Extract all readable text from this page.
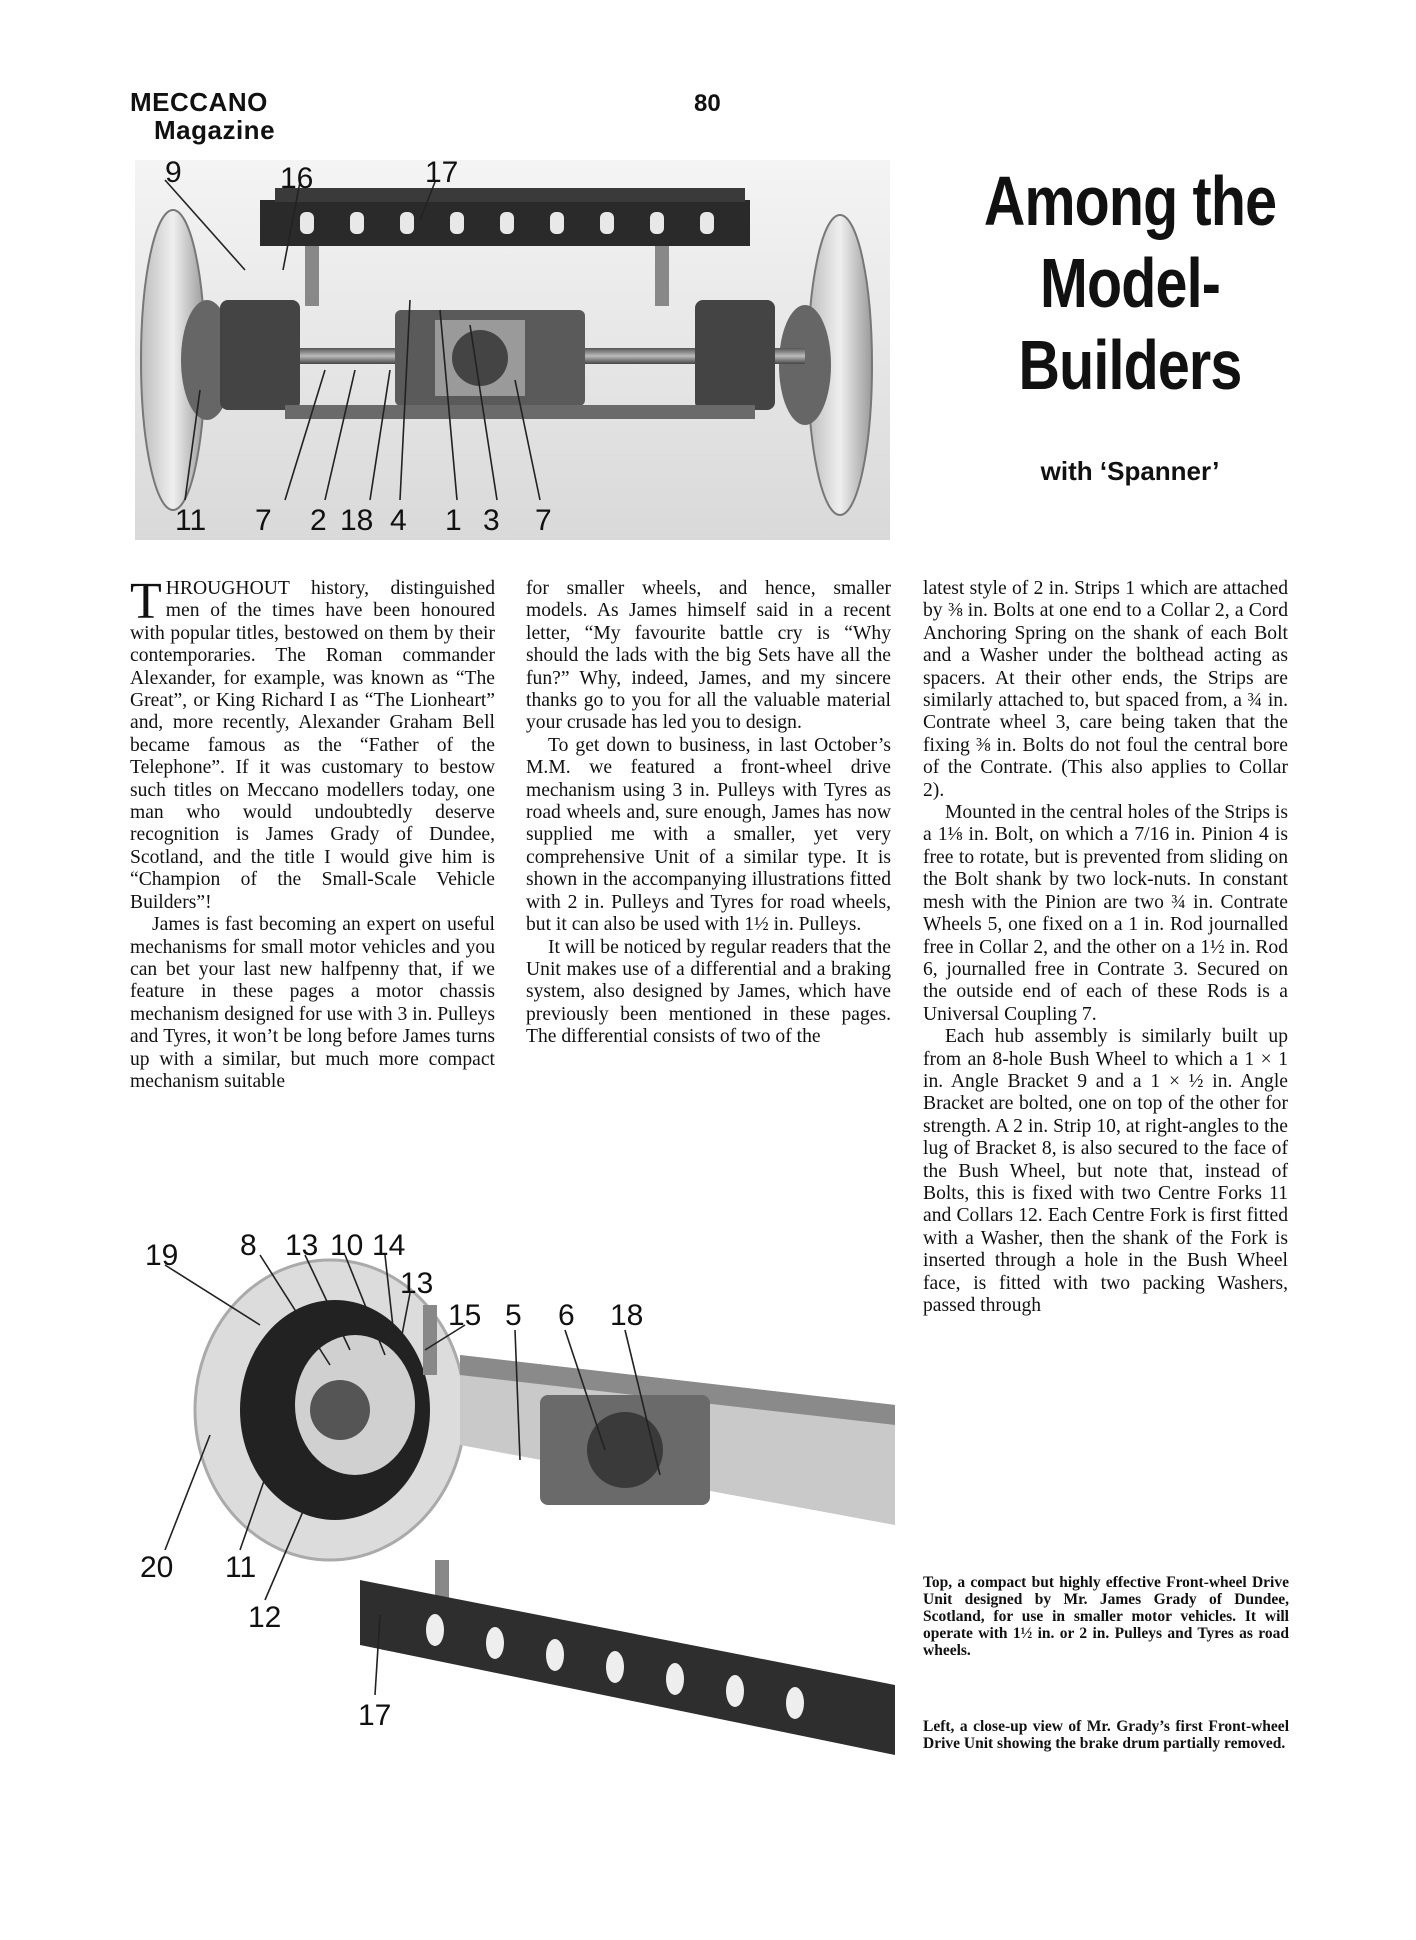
MECCANO
Magazine
80
Among the
Model-
Builders
with ‘Spanner’
9	16	17
11 7 2 18 4 1 3 7

THROUGHOUT history, distinguished men of the times have been honoured with popular titles, bestowed on them by their contemporaries. The Roman commander Alexander, for example, was known as “The Great”, or King Richard I as “The Lionheart” and, more recently, Alexander Graham Bell became famous as the “Father of the Telephone”. If it was customary to bestow such titles on Meccano modellers today, one man who would undoubtedly deserve recognition is James Grady of Dundee, Scotland, and the title I would give him is “Champion of the Small-Scale Vehicle Builders”!

James is fast becoming an expert on useful mechanisms for small motor vehicles and you can bet your last new halfpenny that, if we feature in these pages a motor chassis mechanism designed for use with 3 in. Pulleys and Tyres, it won’t be long before James turns up with a similar, but much more compact mechanism suitable

for smaller wheels, and hence, smaller models. As James himself said in a recent letter, “My favourite battle cry is “Why should the lads with the big Sets have all the fun?” Why, indeed, James, and my sincere thanks go to you for all the valuable material your crusade has led you to design.

To get down to business, in last October’s M.M. we featured a front-wheel drive mechanism using 3 in. Pulleys with Tyres as road wheels and, sure enough, James has now supplied me with a smaller, yet very comprehensive Unit of a similar type. It is shown in the accompanying illustrations fitted with 2 in. Pulleys and Tyres for road wheels, but it can also be used with 1½ in. Pulleys.

It will be noticed by regular readers that the Unit makes use of a differential and a braking system, also designed by James, which have previously been mentioned in these pages. The differential consists of two of the

latest style of 2 in. Strips 1 which are attached by ⅜ in. Bolts at one end to a Collar 2, a Cord Anchoring Spring on the shank of each Bolt and a Washer under the bolthead acting as spacers. At their other ends, the Strips are similarly attached to, but spaced from, a ¾ in. Contrate wheel 3, care being taken that the fixing ⅜ in. Bolts do not foul the central bore of the Contrate. (This also applies to Collar 2).

Mounted in the central holes of the Strips is a 1⅛ in. Bolt, on which a 7/16 in. Pinion 4 is free to rotate, but is prevented from sliding on the Bolt shank by two lock-nuts. In constant mesh with the Pinion are two ¾ in. Contrate Wheels 5, one fixed on a 1 in. Rod journalled free in Collar 2, and the other on a 1½ in. Rod 6, journalled free in Contrate 3. Secured on the outside end of each of these Rods is a Universal Coupling 7.

Each hub assembly is similarly built up from an 8-hole Bush Wheel to which a 1 × 1 in. Angle Bracket 9 and a 1 × ½ in. Angle Bracket are bolted, one on top of the other for strength. A 2 in. Strip 10, at right-angles to the lug of Bracket 8, is also secured to the face of the Bush Wheel, but note that, instead of Bolts, this is fixed with two Centre Forks 11 and Collars 12. Each Centre Fork is first fitted with a Washer, then the shank of the Fork is inserted through a hole in the Bush Wheel face, is fitted with two packing Washers, passed through

19 8 13 10 14
13
15 5 6 18
20 11
12
17
Top, a compact but highly effective Front-wheel Drive Unit designed by Mr. James Grady of Dundee, Scotland, for use in smaller motor vehicles. It will operate with 1½ in. or 2 in. Pulleys and Tyres as road wheels.
Left, a close-up view of Mr. Grady’s first Front-wheel Drive Unit showing the brake drum partially removed.
